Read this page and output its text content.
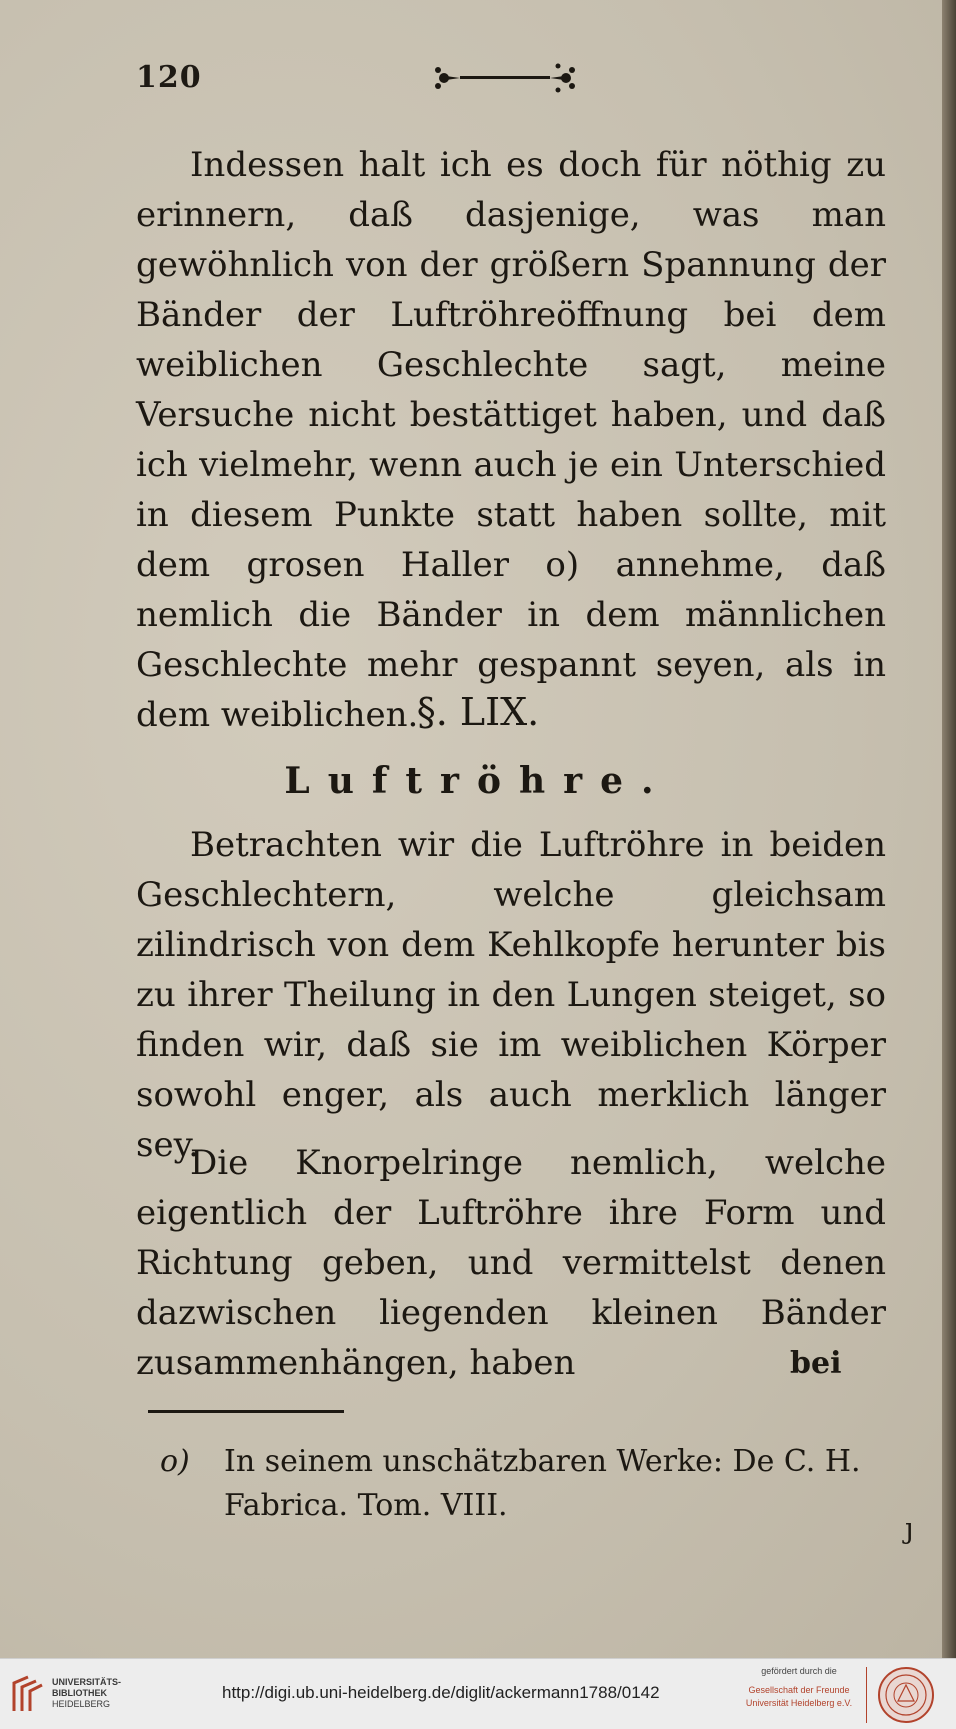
120

Indessen halt ich es doch für nöthig zu erinnern, daß dasjenige, was man gewöhnlich von der größern Spannung der Bänder der Luftröhreöffnung bei dem weiblichen Geschlechte sagt, meine Versuche nicht bestättiget haben, und daß ich vielmehr, wenn auch je ein Unterschied in diesem Punkte statt haben sollte, mit dem grosen Haller o) annehme, daß nemlich die Bänder in dem männlichen Geschlechte mehr gespannt seyen, als in dem weiblichen.

§. LIX.

Luftröhre.

Betrachten wir die Luftröhre in beiden Geschlechtern, welche gleichsam zilindrisch von dem Kehlkopfe herunter bis zu ihrer Theilung in den Lungen steiget, so finden wir, daß sie im weiblichen Körper sowohl enger, als auch merklich länger sey.

Die Knorpelringe nemlich, welche eigentlich der Luftröhre ihre Form und Richtung geben, und vermittelst denen dazwischen liegenden kleinen Bänder zusammenhängen, haben	bei

o) In seinem unschätzbaren Werke: De C. H.
Fabrica. Tom. VIII.

ȷ
UNIVERSITÄTS-
BIBLIOTHEK
HEIDELBERG
http://digi.ub.uni-heidelberg.de/diglit/ackermann1788/0142
gefördert durch die
Gesellschaft der Freunde
Universität Heidelberg e.V.
